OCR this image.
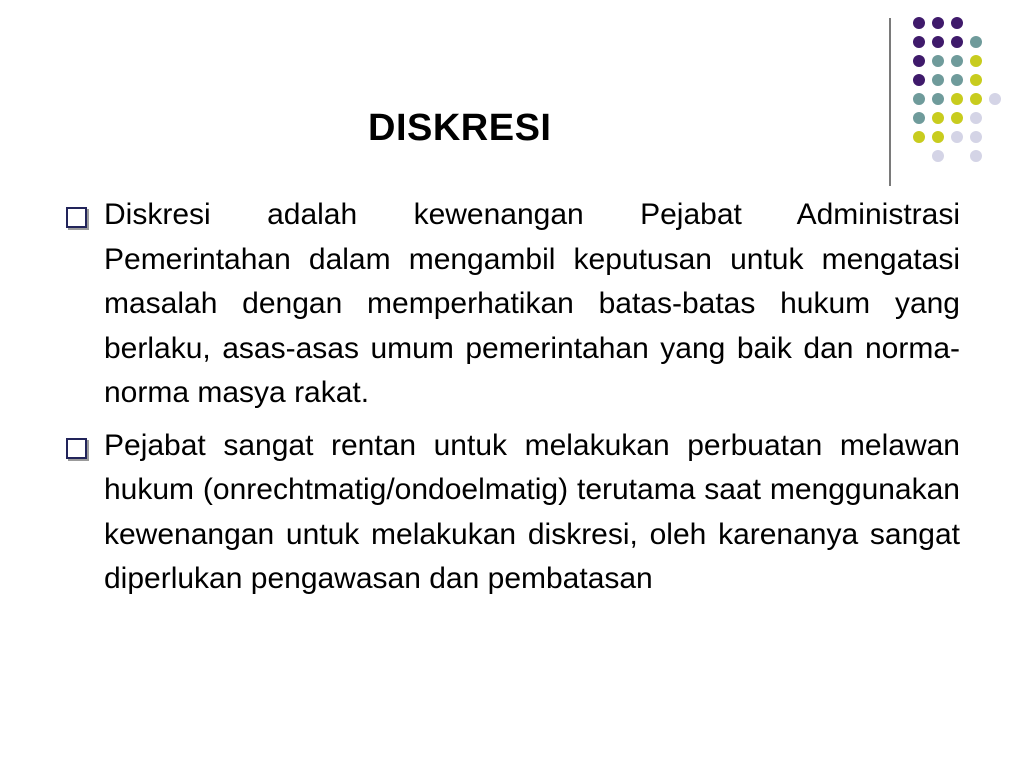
DISKRESI

Diskresi adalah kewenangan Pejabat Administrasi Pemerintahan dalam mengambil keputusan untuk mengatasi masalah dengan memperhatikan batas-batas hukum yang berlaku, asas-asas umum pemerintahan yang baik dan norma-norma masya rakat.

Pejabat sangat rentan untuk melakukan perbuatan melawan hukum (onrechtmatig/ondoelmatig) terutama saat menggunakan kewenangan untuk melakukan diskresi, oleh karenanya sangat diperlukan pengawasan dan pembatasan
